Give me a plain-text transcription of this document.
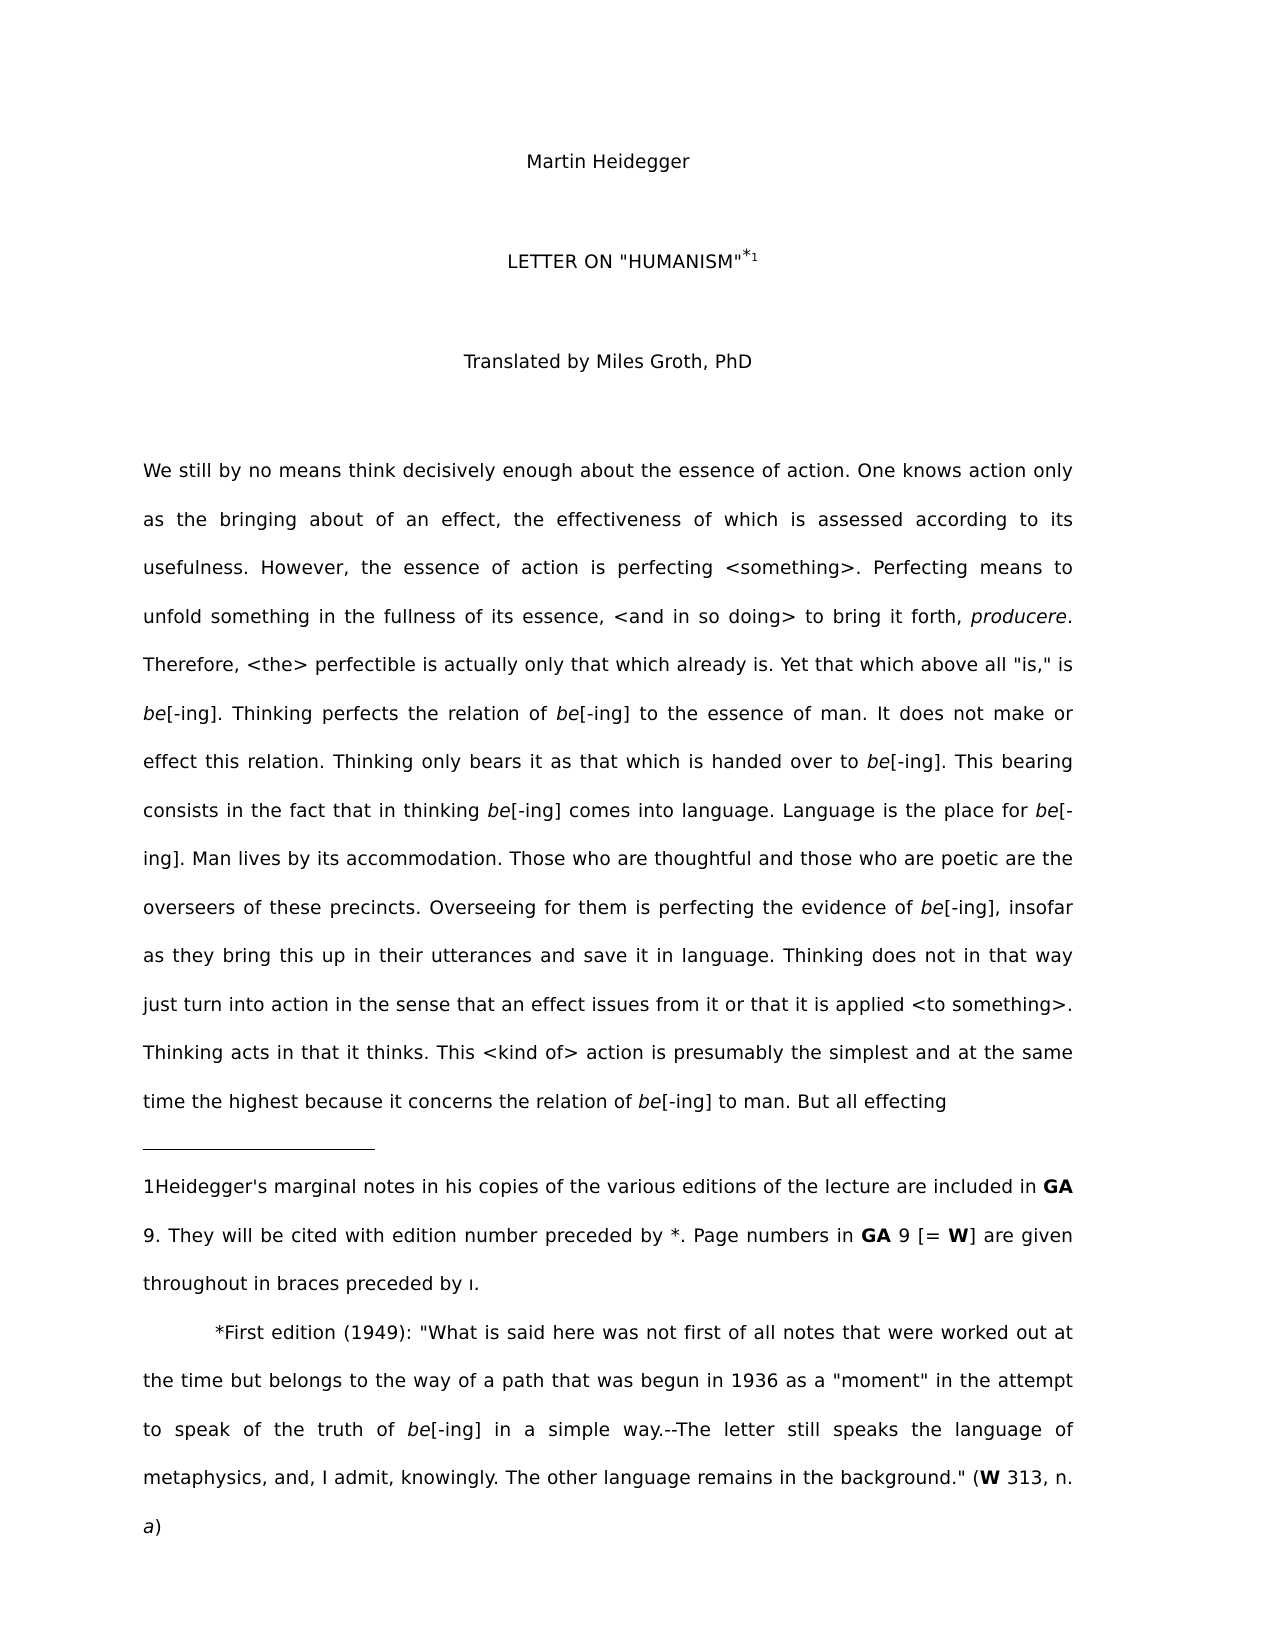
Martin Heidegger

LETTER ON "HUMANISM"*$^1$

Translated by Miles Groth, PhD

We still by no means think decisively enough about the essence of action. One knows action only as the bringing about of an effect, the effectiveness of which is assessed according to its usefulness. However, the essence of action is perfecting <something>. Perfecting means to unfold something in the fullness of its essence, <and in so doing> to bring it forth, producere. Therefore, <the> perfectible is actually only that which already is. Yet that which above all "is," is be[-ing]. Thinking perfects the relation of be[-ing] to the essence of man. It does not make or effect this relation. Thinking only bears it as that which is handed over to be[-ing]. This bearing consists in the fact that in thinking be[-ing] comes into language. Language is the place for be[-ing]. Man lives by its accommodation. Those who are thoughtful and those who are poetic are the overseers of these precincts. Overseeing for them is perfecting the evidence of be[-ing], insofar as they bring this up in their utterances and save it in language. Thinking does not in that way just turn into action in the sense that an effect issues from it or that it is applied <to something>. Thinking acts in that it thinks. This <kind of> action is presumably the simplest and at the same time the highest because it concerns the relation of be[-ing] to man. But all effecting

1Heidegger's marginal notes in his copies of the various editions of the lecture are included in GA 9. They will be cited with edition number preceded by *. Page numbers in GA 9 [= W] are given throughout in braces preceded by ı.

*First edition (1949): "What is said here was not first of all notes that were worked out at the time but belongs to the way of a path that was begun in 1936 as a "moment" in the attempt to speak of the truth of be[-ing] in a simple way.--The letter still speaks the language of metaphysics, and, I admit, knowingly. The other language remains in the background." (W 313, n. a)
